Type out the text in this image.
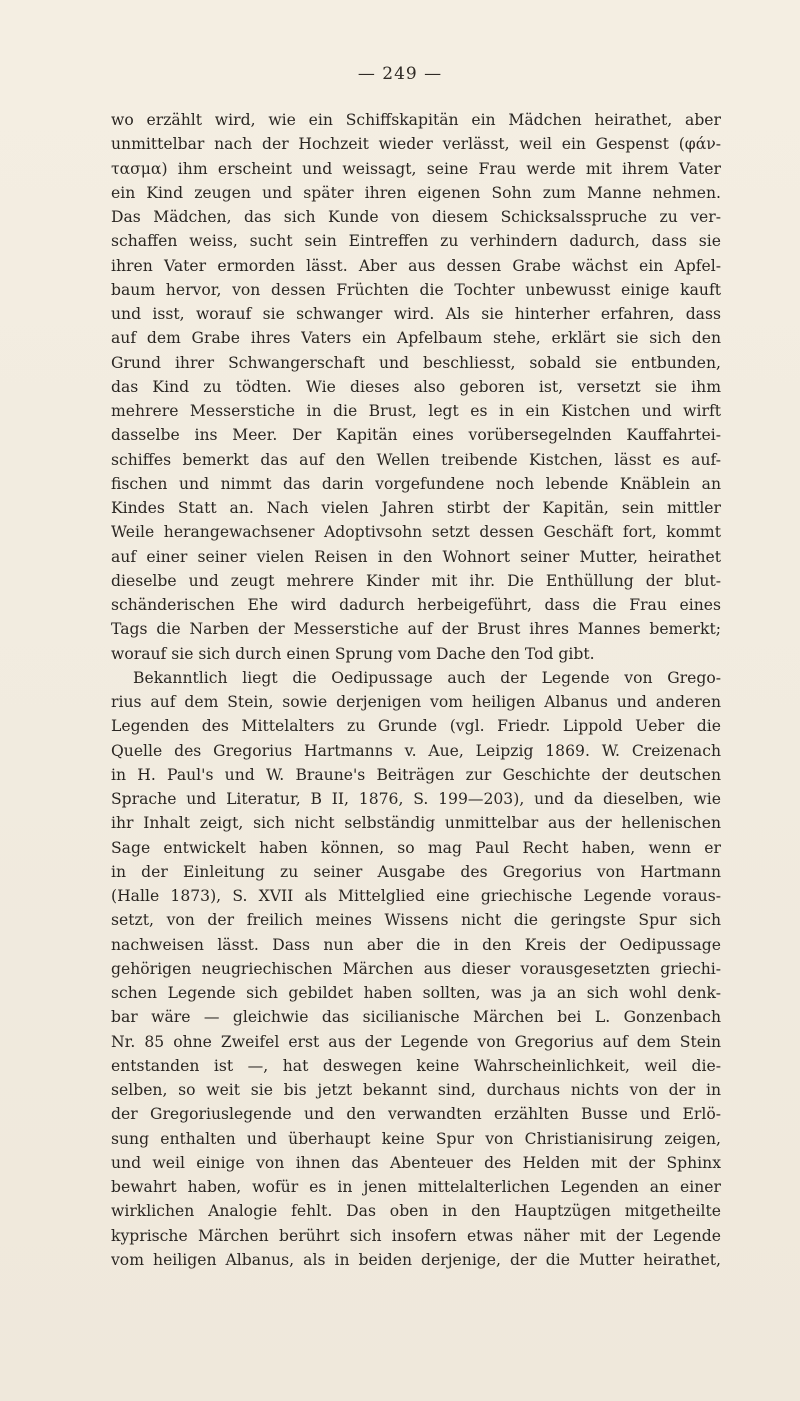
— 249 —
wo erzählt wird, wie ein Schiffskapitän ein Mädchen heirathet, aber
unmittelbar nach der Hochzeit wieder verlässt, weil ein Gespenst (φάν-
τασμα) ihm erscheint und weissagt, seine Frau werde mit ihrem Vater
ein Kind zeugen und später ihren eigenen Sohn zum Manne nehmen.
Das Mädchen, das sich Kunde von diesem Schicksalsspruche zu ver-
schaffen weiss, sucht sein Eintreffen zu verhindern dadurch, dass sie
ihren Vater ermorden lässt. Aber aus dessen Grabe wächst ein Apfel-
baum hervor, von dessen Früchten die Tochter unbewusst einige kauft
und isst, worauf sie schwanger wird. Als sie hinterher erfahren, dass
auf dem Grabe ihres Vaters ein Apfelbaum stehe, erklärt sie sich den
Grund ihrer Schwangerschaft und beschliesst, sobald sie entbunden,
das Kind zu tödten. Wie dieses also geboren ist, versetzt sie ihm
mehrere Messerstiche in die Brust, legt es in ein Kistchen und wirft
dasselbe ins Meer. Der Kapitän eines vorübersegelnden Kauffahrtei-
schiffes bemerkt das auf den Wellen treibende Kistchen, lässt es auf-
fischen und nimmt das darin vorgefundene noch lebende Knäblein an
Kindes Statt an. Nach vielen Jahren stirbt der Kapitän, sein mittler
Weile herangewachsener Adoptivsohn setzt dessen Geschäft fort, kommt
auf einer seiner vielen Reisen in den Wohnort seiner Mutter, heirathet
dieselbe und zeugt mehrere Kinder mit ihr. Die Enthüllung der blut-
schänderischen Ehe wird dadurch herbeigeführt, dass die Frau eines
Tags die Narben der Messerstiche auf der Brust ihres Mannes bemerkt;
worauf sie sich durch einen Sprung vom Dache den Tod gibt.
Bekanntlich liegt die Oedipussage auch der Legende von Grego-
rius auf dem Stein, sowie derjenigen vom heiligen Albanus und anderen
Legenden des Mittelalters zu Grunde (vgl. Friedr. Lippold Ueber die
Quelle des Gregorius Hartmanns v. Aue, Leipzig 1869. W. Creizenach
in H. Paul's und W. Braune's Beiträgen zur Geschichte der deutschen
Sprache und Literatur, B II, 1876, S. 199—203), und da dieselben, wie
ihr Inhalt zeigt, sich nicht selbständig unmittelbar aus der hellenischen
Sage entwickelt haben können, so mag Paul Recht haben, wenn er
in der Einleitung zu seiner Ausgabe des Gregorius von Hartmann
(Halle 1873), S. XVII als Mittelglied eine griechische Legende voraus-
setzt, von der freilich meines Wissens nicht die geringste Spur sich
nachweisen lässt. Dass nun aber die in den Kreis der Oedipussage
gehörigen neugriechischen Märchen aus dieser vorausgesetzten griechi-
schen Legende sich gebildet haben sollten, was ja an sich wohl denk-
bar wäre — gleichwie das sicilianische Märchen bei L. Gonzenbach
Nr. 85 ohne Zweifel erst aus der Legende von Gregorius auf dem Stein
entstanden ist —, hat deswegen keine Wahrscheinlichkeit, weil die-
selben, so weit sie bis jetzt bekannt sind, durchaus nichts von der in
der Gregoriuslegende und den verwandten erzählten Busse und Erlö-
sung enthalten und überhaupt keine Spur von Christianisirung zeigen,
und weil einige von ihnen das Abenteuer des Helden mit der Sphinx
bewahrt haben, wofür es in jenen mittelalterlichen Legenden an einer
wirklichen Analogie fehlt. Das oben in den Hauptzügen mitgetheilte
kyprische Märchen berührt sich insofern etwas näher mit der Legende
vom heiligen Albanus, als in beiden derjenige, der die Mutter heirathet,
